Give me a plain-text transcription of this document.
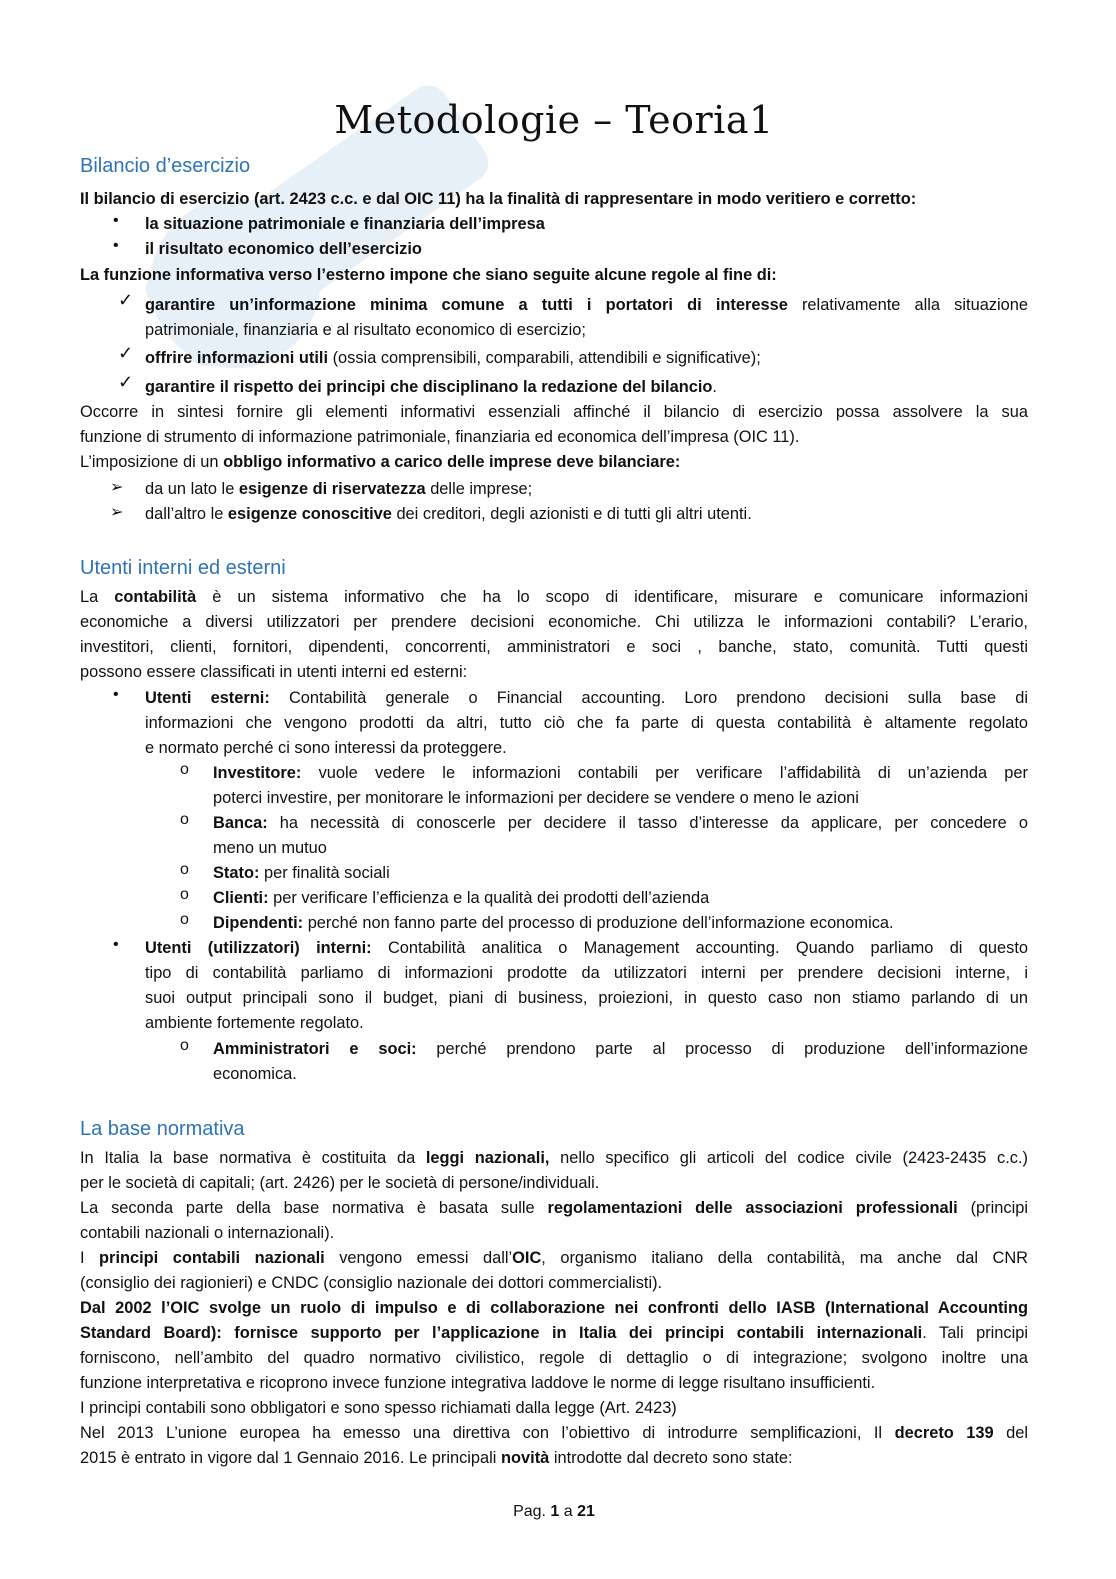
Metodologie – Teoria1
Bilancio d’esercizio
Il bilancio di esercizio (art. 2423 c.c. e dal OIC 11) ha la finalità di rappresentare in modo veritiero e corretto:
• la situazione patrimoniale e finanziaria dell’impresa
• il risultato economico dell’esercizio
La funzione informativa verso l’esterno impone che siano seguite alcune regole al fine di:
✓ garantire un’informazione minima comune a tutti i portatori di interesse relativamente alla situazione
patrimoniale, finanziaria e al risultato economico di esercizio;
✓ offrire informazioni utili (ossia comprensibili, comparabili, attendibili e significative);
✓ garantire il rispetto dei principi che disciplinano la redazione del bilancio.
Occorre in sintesi fornire gli elementi informativi essenziali affinché il bilancio di esercizio possa assolvere la sua
funzione di strumento di informazione patrimoniale, finanziaria ed economica dell’impresa (OIC 11).
L’imposizione di un obbligo informativo a carico delle imprese deve bilanciare:
➢ da un lato le esigenze di riservatezza delle imprese;
➢ dall’altro le esigenze conoscitive dei creditori, degli azionisti e di tutti gli altri utenti.
Utenti interni ed esterni
La contabilità è un sistema informativo che ha lo scopo di identificare, misurare e comunicare informazioni
economiche a diversi utilizzatori per prendere decisioni economiche. Chi utilizza le informazioni contabili? L’erario,
investitori, clienti, fornitori, dipendenti, concorrenti, amministratori e soci , banche, stato, comunità. Tutti questi
possono essere classificati in utenti interni ed esterni:
• Utenti esterni: Contabilità generale o Financial accounting. Loro prendono decisioni sulla base di
informazioni che vengono prodotti da altri, tutto ciò che fa parte di questa contabilità è altamente regolato
e normato perché ci sono interessi da proteggere.
o Investitore: vuole vedere le informazioni contabili per verificare l’affidabilità di un’azienda per
poterci investire, per monitorare le informazioni per decidere se vendere o meno le azioni
o Banca: ha necessità di conoscerle per decidere il tasso d’interesse da applicare, per concedere o
meno un mutuo
o Stato: per finalità sociali
o Clienti: per verificare l’efficienza e la qualità dei prodotti dell’azienda
o Dipendenti: perché non fanno parte del processo di produzione dell’informazione economica.
• Utenti (utilizzatori) interni: Contabilità analitica o Management accounting. Quando parliamo di questo
tipo di contabilità parliamo di informazioni prodotte da utilizzatori interni per prendere decisioni interne, i
suoi output principali sono il budget, piani di business, proiezioni, in questo caso non stiamo parlando di un
ambiente fortemente regolato.
o Amministratori e soci: perché prendono parte al processo di produzione dell’informazione
economica.
La base normativa
In Italia la base normativa è costituita da leggi nazionali, nello specifico gli articoli del codice civile (2423-2435 c.c.)
per le società di capitali; (art. 2426) per le società di persone/individuali.
La seconda parte della base normativa è basata sulle regolamentazioni delle associazioni professionali (principi
contabili nazionali o internazionali).
I principi contabili nazionali vengono emessi dall’OIC, organismo italiano della contabilità, ma anche dal CNR
(consiglio dei ragionieri) e CNDC (consiglio nazionale dei dottori commercialisti).
Dal 2002 l’OIC svolge un ruolo di impulso e di collaborazione nei confronti dello IASB (International Accounting
Standard Board): fornisce supporto per l’applicazione in Italia dei principi contabili internazionali. Tali principi
forniscono, nell’ambito del quadro normativo civilistico, regole di dettaglio o di integrazione; svolgono inoltre una
funzione interpretativa e ricoprono invece funzione integrativa laddove le norme di legge risultano insufficienti.
I principi contabili sono obbligatori e sono spesso richiamati dalla legge (Art. 2423)
Nel 2013 L’unione europea ha emesso una direttiva con l’obiettivo di introdurre semplificazioni, Il decreto 139 del
2015 è entrato in vigore dal 1 Gennaio 2016. Le principali novità introdotte dal decreto sono state:
Pag. 1 a 21
